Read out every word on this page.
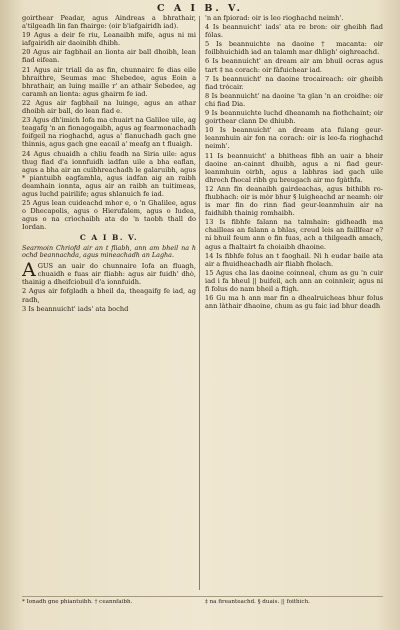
C A I B. V.

goirthear Peadar, agus Aindreas a bhrathair, a'tilgeadh lin fan fhairge: (oir b'iafgairidh iad).

19 Agus a deir fe riu, Leanaibh mife, agus ni mi iafgairidh air daoinibh dhibh.

20 Agus air fagbhail an lionta air ball dhoibh, lean fiad eifean.

21 Agus air triall da as fin, chunnairc fe dias eile bhraithre, Seumas mac Shebedee, agus Eoin a bhrathair, an luing maille r' an athair Sebedee, ag caramh an lionta: agus ghairm fe iad.

22 Agus air fagbhail na luinge, agus an athar dhoibh air ball, do lean fiad e.

23 Agus dh'imich Iofa ma chuairt na Galilee uile, ag teagafg 'n an fionagogaibh, agus ag fearmonachadh foifgeil na rioghachd, agus a' flanuchadh gach gne thinnis, agus gach gne eacail a' meafg an t fluaigh.

24 Agus chuaidh a chliu feadh na Siria uile: agus thug fiad d'a ionnfuidh iadfan uile a bha eaflan, agus a bha air an cuibhreachadh le galaruibh, agus * piantuibh eagfamhla, agus iadfan aig an raibh deamhain ionnta, agus air an raibh an tuitimeas, agus luchd pairilife; agus shlanuich fe iad.

25 Agus lean cuideachd mhor e, o 'n Ghalilee, agus o Dhecapolis, agus o Hierufalem, agus o Iudea, agus o na crìochaibh ata do 'n taobh thall do Iordan.

C A I B. V.
Searmoin Chriofd air an t fliabh, ann am bheil na h ochd beannachda, agus mineachadh an Lagha.

AGUS an uair do chunnaire Iofa an fluagh, chuaidh e fuas air fliabh: agus air fuidh' dhò, thainig a dheifciobuil d'a ionnfuidh.

2 Agus air fofgladh a bheil da, theagaifg fe iad, ag radh,

3 Is beannuicht' iads' ata bochd

'n an fpiorad: oir is leo rioghachd neimh'.

4 Is beannuicht' iads' ata re bron: oir gheibh fiad fólas.

5 Is beannuichte na daoine † macanta: oir foilbhuichidh iad an talamh mar dhligh' oighreachd.

6 Is beannuicht' an dream air am bhuil ocras agus tart ‡ na corach: oir fàfuichear iad.

7 Is beannuicht' na daoine trocaireach: oir gheibh fiad trócair.

8 Is beannuicht' na daoine 'ta glan 'n an croidhe: oir chi fiad Dia.

9 Is beannuichte luchd dheanamh na fiothchaint; oir goirthear clann De dhiubh.

10 Is beannuicht' an dream ata fulang geur-leanmhuin air fon na corach: oir is leo-fa rioghachd neimh'.

11 Is beannuicht' a bhitheas fibh an uair a bheir daoine an-cainnt dhuibh, agus a ni fiad geur-leanmhuin oirbh, agus a labhras iad gach uile dhroch fhocal ribh gu breugach air mo fgàthfa.

12 Ann fin deanaibh gairdeachas, agus bithibh ro-fhubhach: oir is mòr bhur § luigheachd ar neamh: oir is mar fin do rinn fiad geur-leanmhuin air na faidhibh thainig romhaibh.

13 Is fibhfe falann na talmhain: gidheadh ma chailleas an falann a bhlas, creud leis an faillfear e? ni bhuil feum ann o fin fuas, ach a thilgeadh amach, agus a fhaltairt fa choiaibh dhaoine.

14 Is fibhfe folus an t faoghail. Ni h eudar baile ata air a fhuidheachadh air fliabh fholach.

15 Agus cha las daoine coinneal, chum as gu 'n cuir iad i fa bheul || buifeil, ach ann an coinnleir, agus ni fi folus do nam bheil a ftigh.

16 Gu ma h ann mar fin a dhealruicheas bhur folus ann làthair dhaoine, chum as gu faic iad bhur deadh

* Ionadh gne phiantuibh. † ceannfaibh.	‡ na fireanteachd. § duais. || foithich.
